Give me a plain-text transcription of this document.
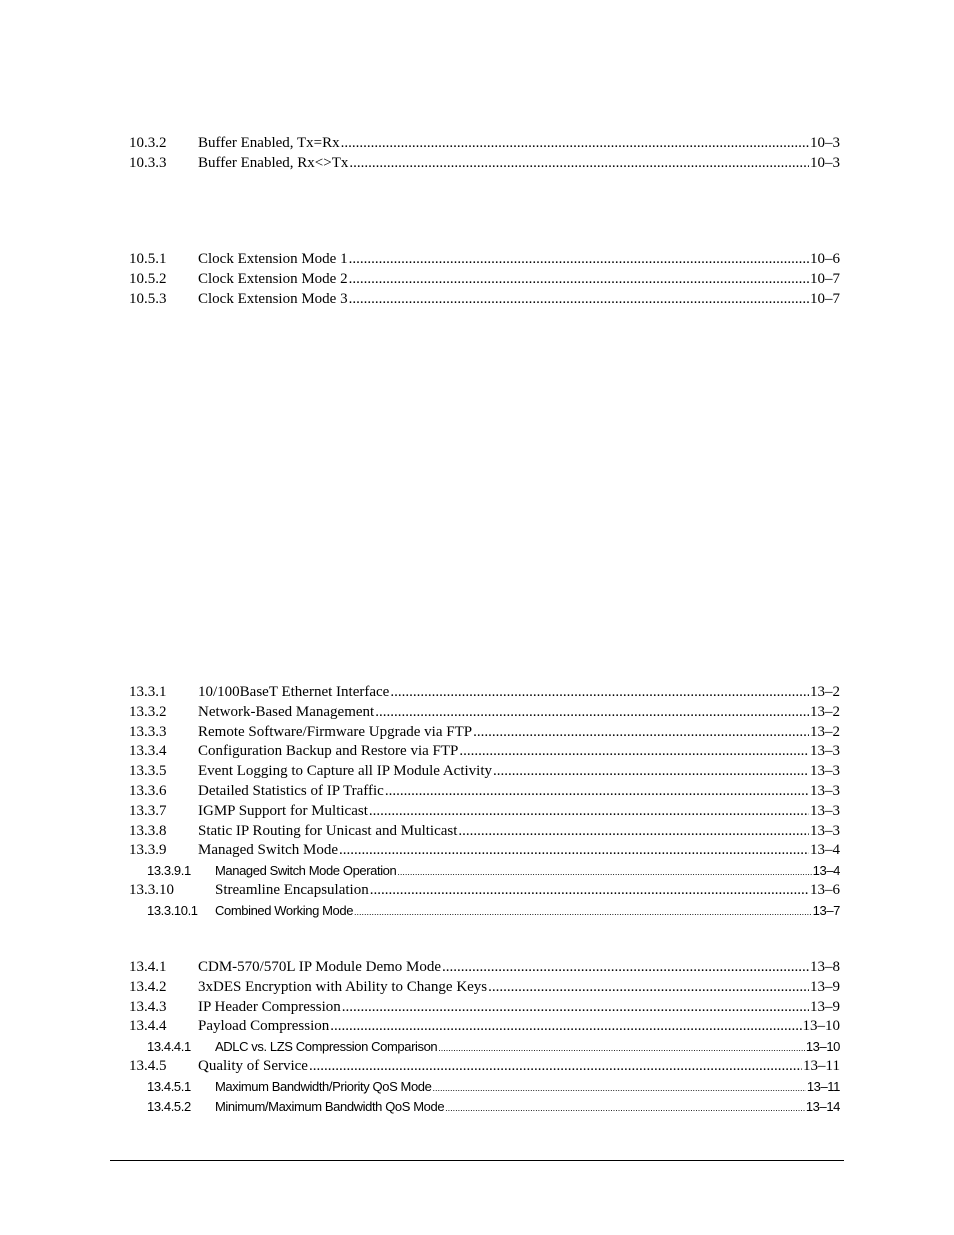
10.3.2	Buffer Enabled, Tx=Rx .....	10–3
10.3.3	Buffer Enabled, Rx<>Tx .....	10–3
10.5.1	Clock Extension Mode 1 .....	10–6
10.5.2	Clock Extension Mode 2 .....	10–7
10.5.3	Clock Extension Mode 3 .....	10–7
13.3.1	10/100BaseT Ethernet Interface .....	13–2
13.3.2	Network-Based Management .....	13–2
13.3.3	Remote Software/Firmware Upgrade via FTP .....	13–2
13.3.4	Configuration Backup and Restore via FTP .....	13–3
13.3.5	Event Logging to Capture all IP Module Activity .....	13–3
13.3.6	Detailed Statistics of IP Traffic .....	13–3
13.3.7	IGMP Support for Multicast .....	13–3
13.3.8	Static IP Routing for Unicast and Multicast .....	13–3
13.3.9	Managed Switch Mode .....	13–4
13.3.9.1	Managed Switch Mode Operation .....	13–4
13.3.10	Streamline Encapsulation .....	13–6
13.3.10.1	Combined Working Mode .....	13–7
13.4.1	CDM-570/570L IP Module Demo Mode .....	13–8
13.4.2	3xDES Encryption with Ability to Change Keys .....	13–9
13.4.3	IP Header Compression .....	13–9
13.4.4	Payload Compression .....	13–10
13.4.4.1	ADLC vs. LZS Compression Comparison .....	13–10
13.4.5	Quality of Service .....	13–11
13.4.5.1	Maximum Bandwidth/Priority QoS Mode .....	13–11
13.4.5.2	Minimum/Maximum Bandwidth QoS Mode .....	13–14
